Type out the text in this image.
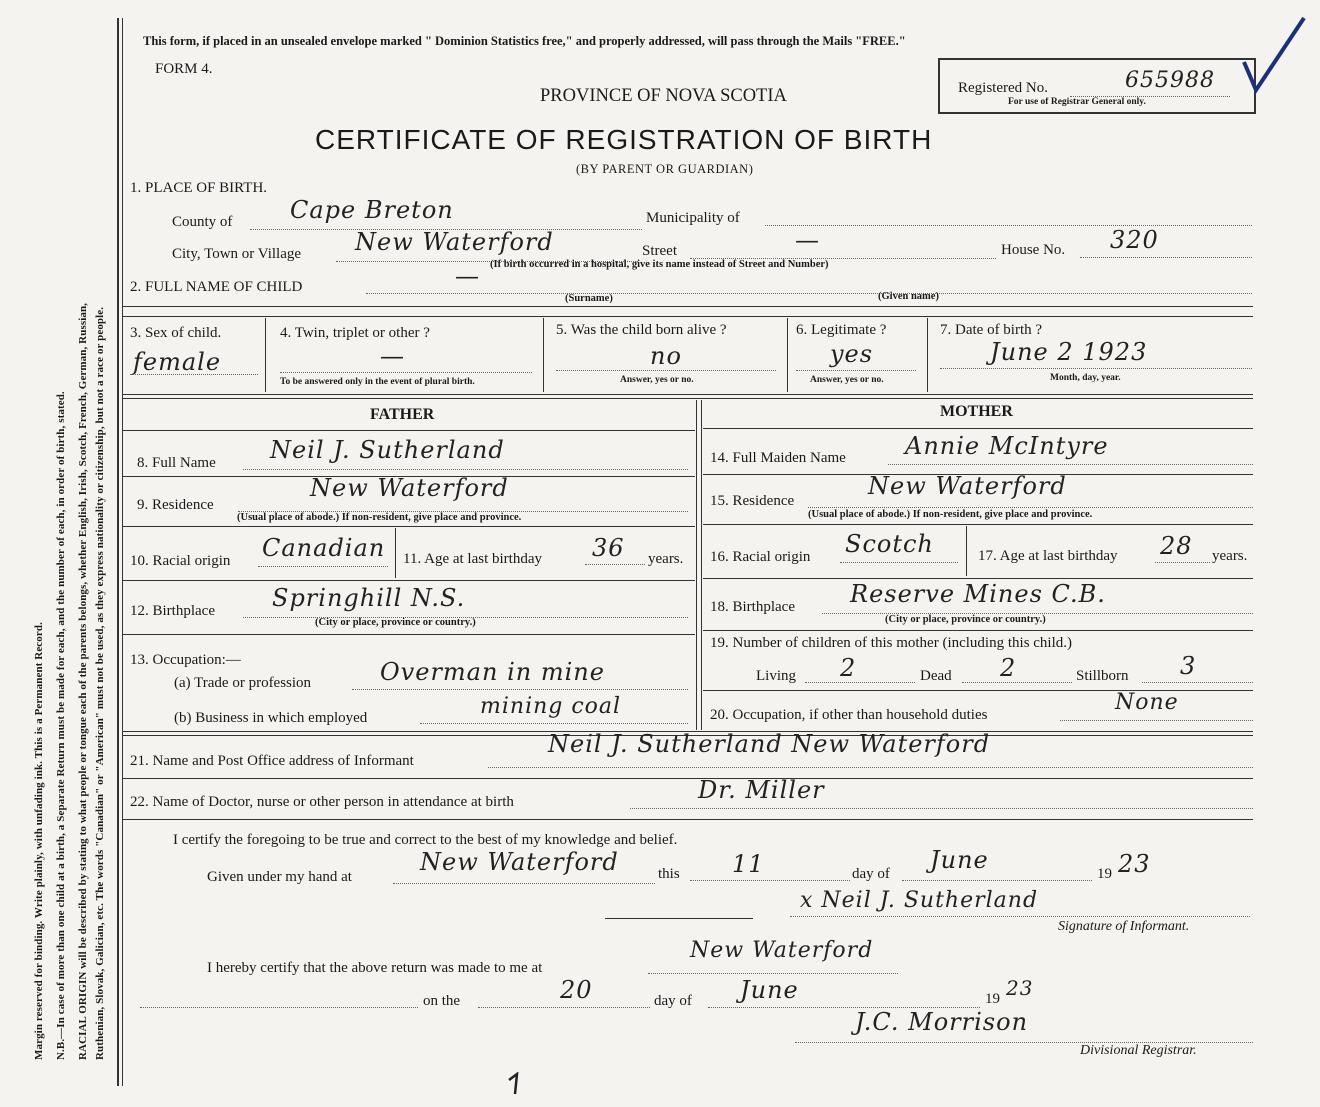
Margin reserved for binding. Write plainly, with unfading ink. This is a Permanent Record. N.B.—In case of more than one child at a birth, a Separate Return must be made for each, and the number of each, in order of birth, stated. RACIAL ORIGIN will be described by stating to what people or tongue each of the parents belongs, whether English, Irish, Scotch, French, German, Russian, Ruthenian, Slovak, Galician, etc. The words "Canadian" or "American" must not be used, as they express nationality or citizenship, but not a race or people.
This form, if placed in an unsealed envelope marked " Dominion Statistics free," and properly addressed, will pass through the Mails "FREE."
FORM 4.
PROVINCE OF NOVA SCOTIA
CERTIFICATE OF REGISTRATION OF BIRTH
(BY PARENT OR GUARDIAN)
Registered No.	655988
For use of Registrar General only.
1. PLACE OF BIRTH.
County of Cape Breton	Municipality of
City, Town or Village New Waterford	Street	—	House No. 320
(If birth occurred in a hospital, give its name instead of Street and Number)
2. FULL NAME OF CHILD	—
(Surname)	(Given name)
3. Sex of child.
female
4. Twin, triplet or other ?
—
To be answered only in the event of plural birth.
5. Was the child born alive ?
no
Answer, yes or no.
6. Legitimate ?
yes
Answer, yes or no.
7. Date of birth ?
June 2 1923
Month, day, year.
FATHER	MOTHER
8. Full Name Neil J. Sutherland
9. Residence
New Waterford
(Usual place of abode.) If non-resident, give place and province.
10. Racial origin Canadian 11. Age at last birthday 36 years.
12. Birthplace Springhill N.S.
(City or place, province or country.)
13. Occupation:—
(a) Trade or profession	Overman in mine
(b) Business in which employed	mining coal
14. Full Maiden Name Annie McIntyre
15. Residence
New Waterford
(Usual place of abode.) If non-resident, give place and province.
16. Racial origin Scotch	17. Age at last birthday 28 years.
18. Birthplace Reserve Mines C.B.
(City or place, province or country.)
19. Number of children of this mother (including this child.)
Living 2	Dead 2	Stillborn 3
20. Occupation, if other than household duties	None
21. Name and Post Office address of Informant
Neil J. Sutherland New Waterford
22. Name of Doctor, nurse or other person in attendance at birth	Dr. Miller
I certify the foregoing to be true and correct to the best of my knowledge and belief.
Given under my hand at
New Waterford	this 11	day of June	19 23
x Neil J. Sutherland
Signature of Informant.
I hereby certify that the above return was made to me at
New Waterford
on the	20	day of June	19 23
J.C. Morrison
Divisional Registrar.
